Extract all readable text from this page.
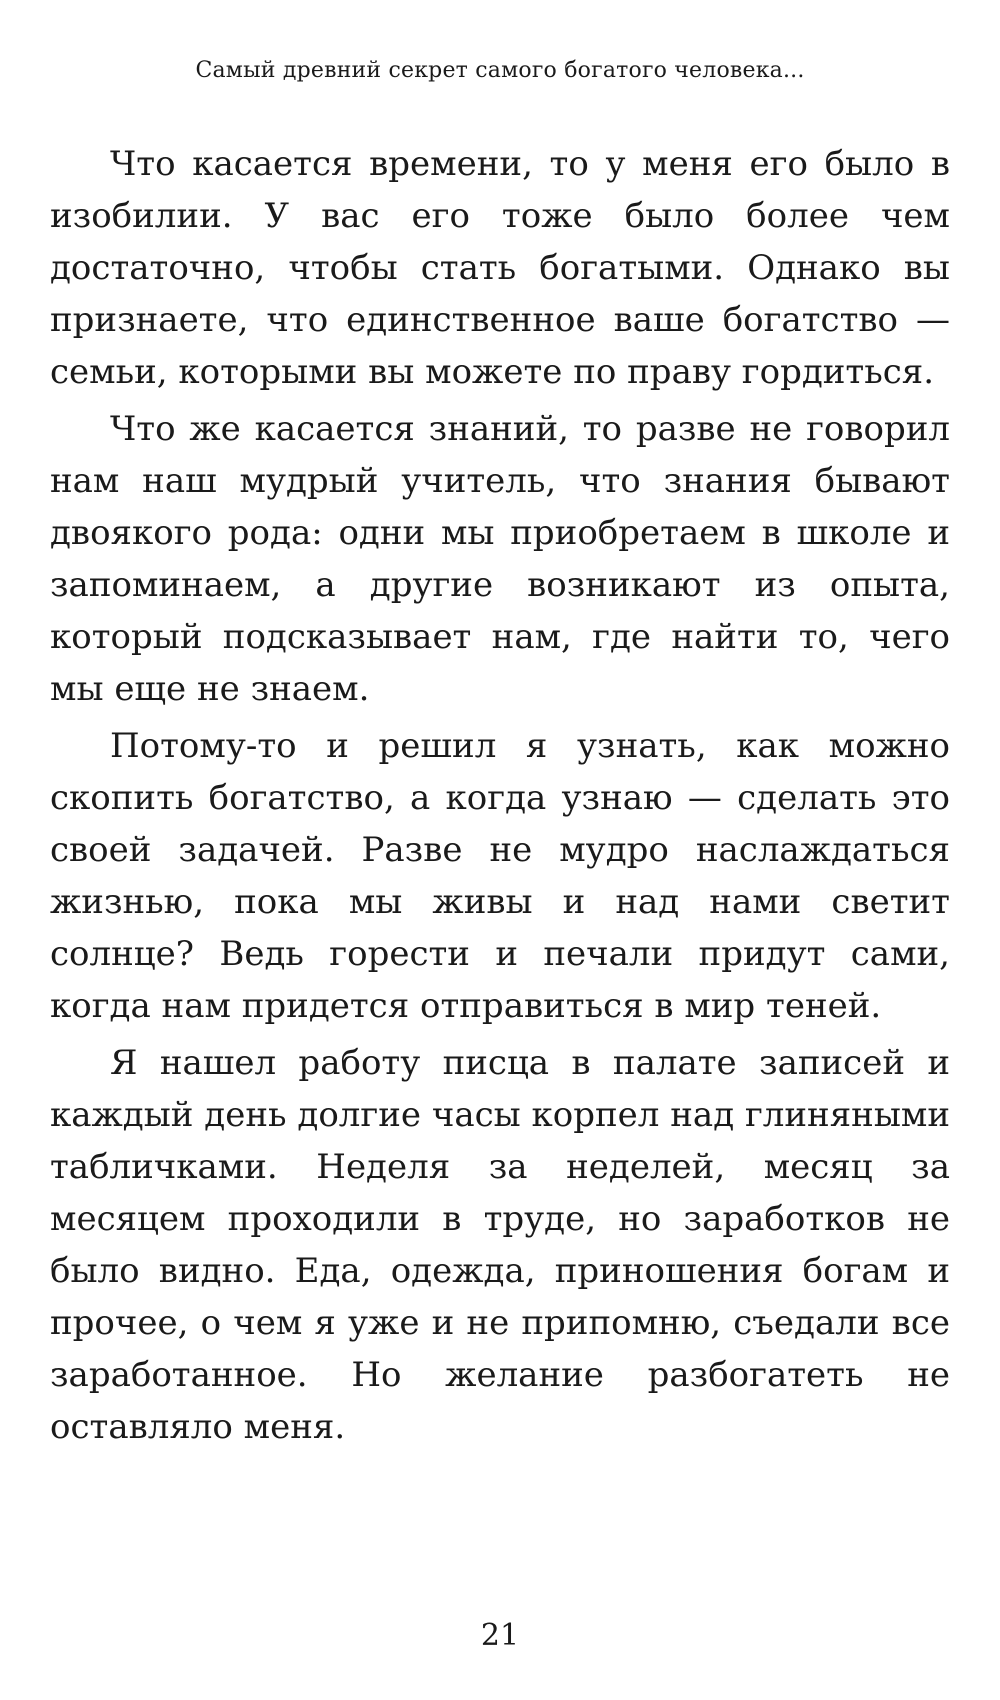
Самый древний секрет самого богатого человека...

Что касается времени, то у меня его было в изобилии. У вас его тоже было более чем достаточно, чтобы стать богатыми. Однако вы признаете, что единственное ваше богатство — семьи, которыми вы можете по праву гордиться.

Что же касается знаний, то разве не говорил нам наш мудрый учитель, что знания бывают двоякого рода: одни мы приобретаем в школе и запоминаем, а другие возникают из опыта, который подсказывает нам, где найти то, чего мы еще не знаем.

Потому-то и решил я узнать, как можно скопить богатство, а когда узнаю — сделать это своей задачей. Разве не мудро наслаждаться жизнью, пока мы живы и над нами светит солнце? Ведь горести и печали придут сами, когда нам придется отправиться в мир теней.

Я нашел работу писца в палате записей и каждый день долгие часы корпел над глиняными табличками. Неделя за неделей, месяц за месяцем проходили в труде, но заработков не было видно. Еда, одежда, приношения богам и прочее, о чем я уже и не припомню, съедали все заработанное. Но желание разбогатеть не оставляло меня.

21
